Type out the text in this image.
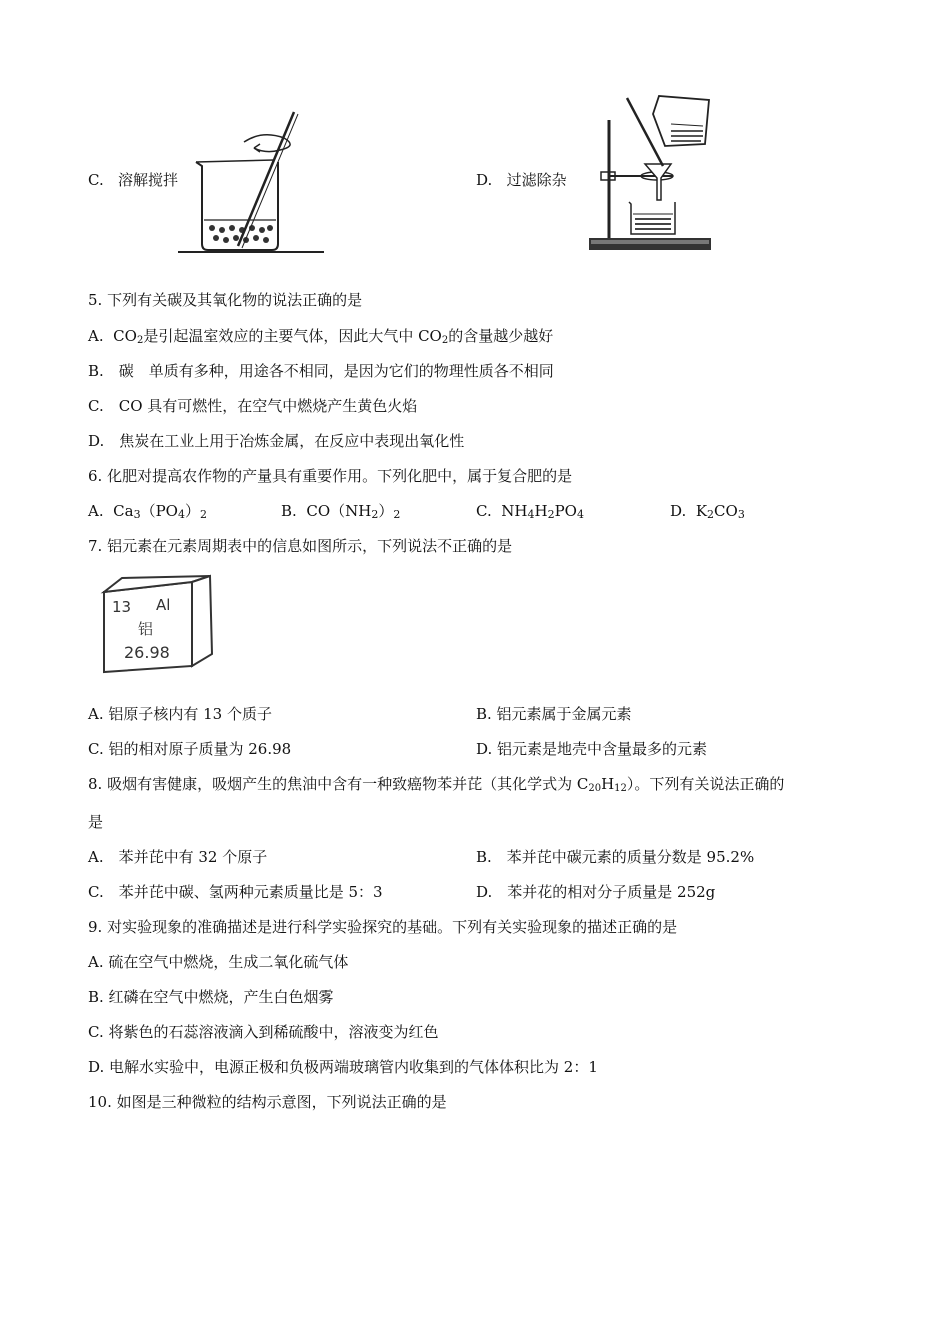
C. 溶解搅拌	D. 过滤除杂
5. 下列有关碳及其氧化物的说法正确的是
A. $CO_2$是引起温室效应的主要气体，因此大气中 $CO_2$的含量越少越好
B.　碳　单质有多种，用途各不相同，是因为它们的物理性质各不相同
C.　CO 具有可燃性，在空气中燃烧产生黄色火焰
D.　焦炭在工业上用于冶炼金属，在反应中表现出氧化性
6. 化肥对提高农作物的产量具有重要作用。下列化肥中，属于复合肥的是
A. $Ca_3(PO_4)_2$	B. $CO(NH_2)_2$	C. $NH_4H_2PO_4$	D. $K_2CO_3$
7. 铝元素在元素周期表中的信息如图所示，下列说法不正确的是
13 Al
铝
26.98
A. 铝原子核内有 13 个质子	B. 铝元素属于金属元素
C. 铝的相对原子质量为 26.98	D. 铝元素是地壳中含量最多的元素
8. 吸烟有害健康，吸烟产生的焦油中含有一种致癌物苯并芘（其化学式为 $C_{20}H_{12}$）。下列有关说法正确的
是
A.　苯并芘中有 32 个原子	B.　苯并芘中碳元素的质量分数是 95.2%
C.　苯并芘中碳、氢两种元素质量比是 5：3	D.　苯并花的相对分子质量是 252g
9. 对实验现象的准确描述是进行科学实验探究的基础。下列有关实验现象的描述正确的是
A. 硫在空气中燃烧，生成二氧化硫气体
B. 红磷在空气中燃烧，产生白色烟雾
C. 将紫色的石蕊溶液滴入到稀硫酸中，溶液变为红色
D. 电解水实验中，电源正极和负极两端玻璃管内收集到的气体体积比为 2：1
10. 如图是三种微粒的结构示意图，下列说法正确的是
